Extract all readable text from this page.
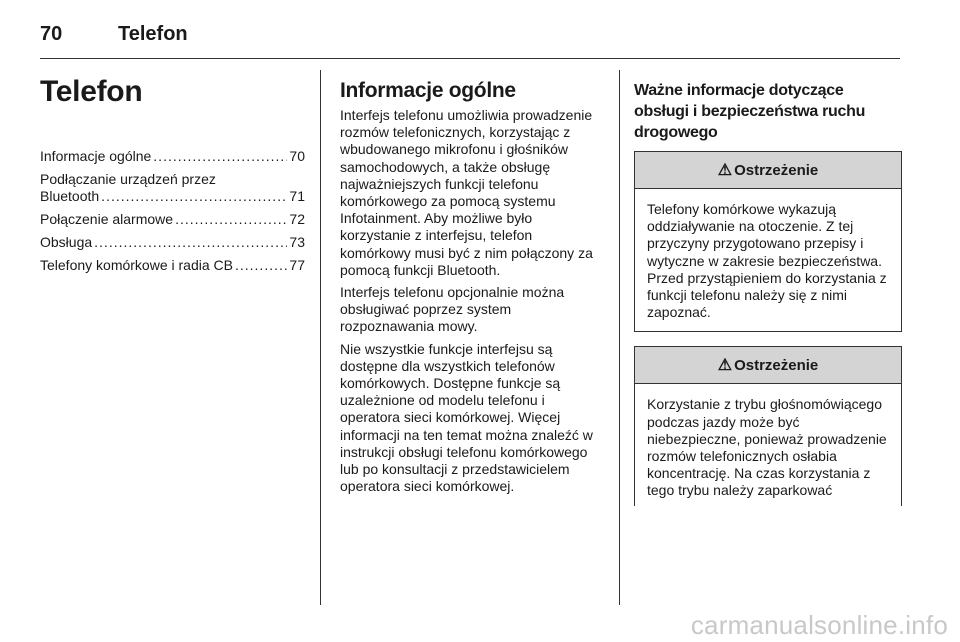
70	Telefon
Telefon
Informacje ogólne .....	70
Podłączanie urządzeń przez
Bluetooth .....	71
Połączenie alarmowe .....	72
Obsługa .....	73
Telefony komórkowe i radia CB .....	77
Informacje ogólne

Interfejs telefonu umożliwia prowadzenie rozmów telefonicznych, korzystając z wbudowanego mikrofonu i głośników samochodowych, a także obsługę najważniejszych funkcji telefonu komórkowego za pomocą systemu Infotainment. Aby możliwe było korzystanie z interfejsu, telefon komórkowy musi być z nim połączony za pomocą funkcji Bluetooth.

Interfejs telefonu opcjonalnie można obsługiwać poprzez system rozpoznawania mowy.

Nie wszystkie funkcje interfejsu są dostępne dla wszystkich telefonów komórkowych. Dostępne funkcje są uzależnione od modelu telefonu i operatora sieci komórkowej. Więcej informacji na ten temat można znaleźć w instrukcji obsługi telefonu komórkowego lub po konsultacji z przedstawicielem operatora sieci komórkowej.

Ważne informacje dotyczące obsługi i bezpieczeństwa ruchu drogowego
⚠ Ostrzeżenie
Telefony komórkowe wykazują oddziaływanie na otoczenie. Z tej przyczyny przygotowano przepisy i wytyczne w zakresie bezpieczeństwa. Przed przystąpieniem do korzystania z funkcji telefonu należy się z nimi zapoznać.
⚠ Ostrzeżenie
Korzystanie z trybu głośnomówiącego podczas jazdy może być niebezpieczne, ponieważ prowadzenie rozmów telefonicznych osłabia koncentrację. Na czas korzystania z tego trybu należy zaparkować
carmanualsonline.info
